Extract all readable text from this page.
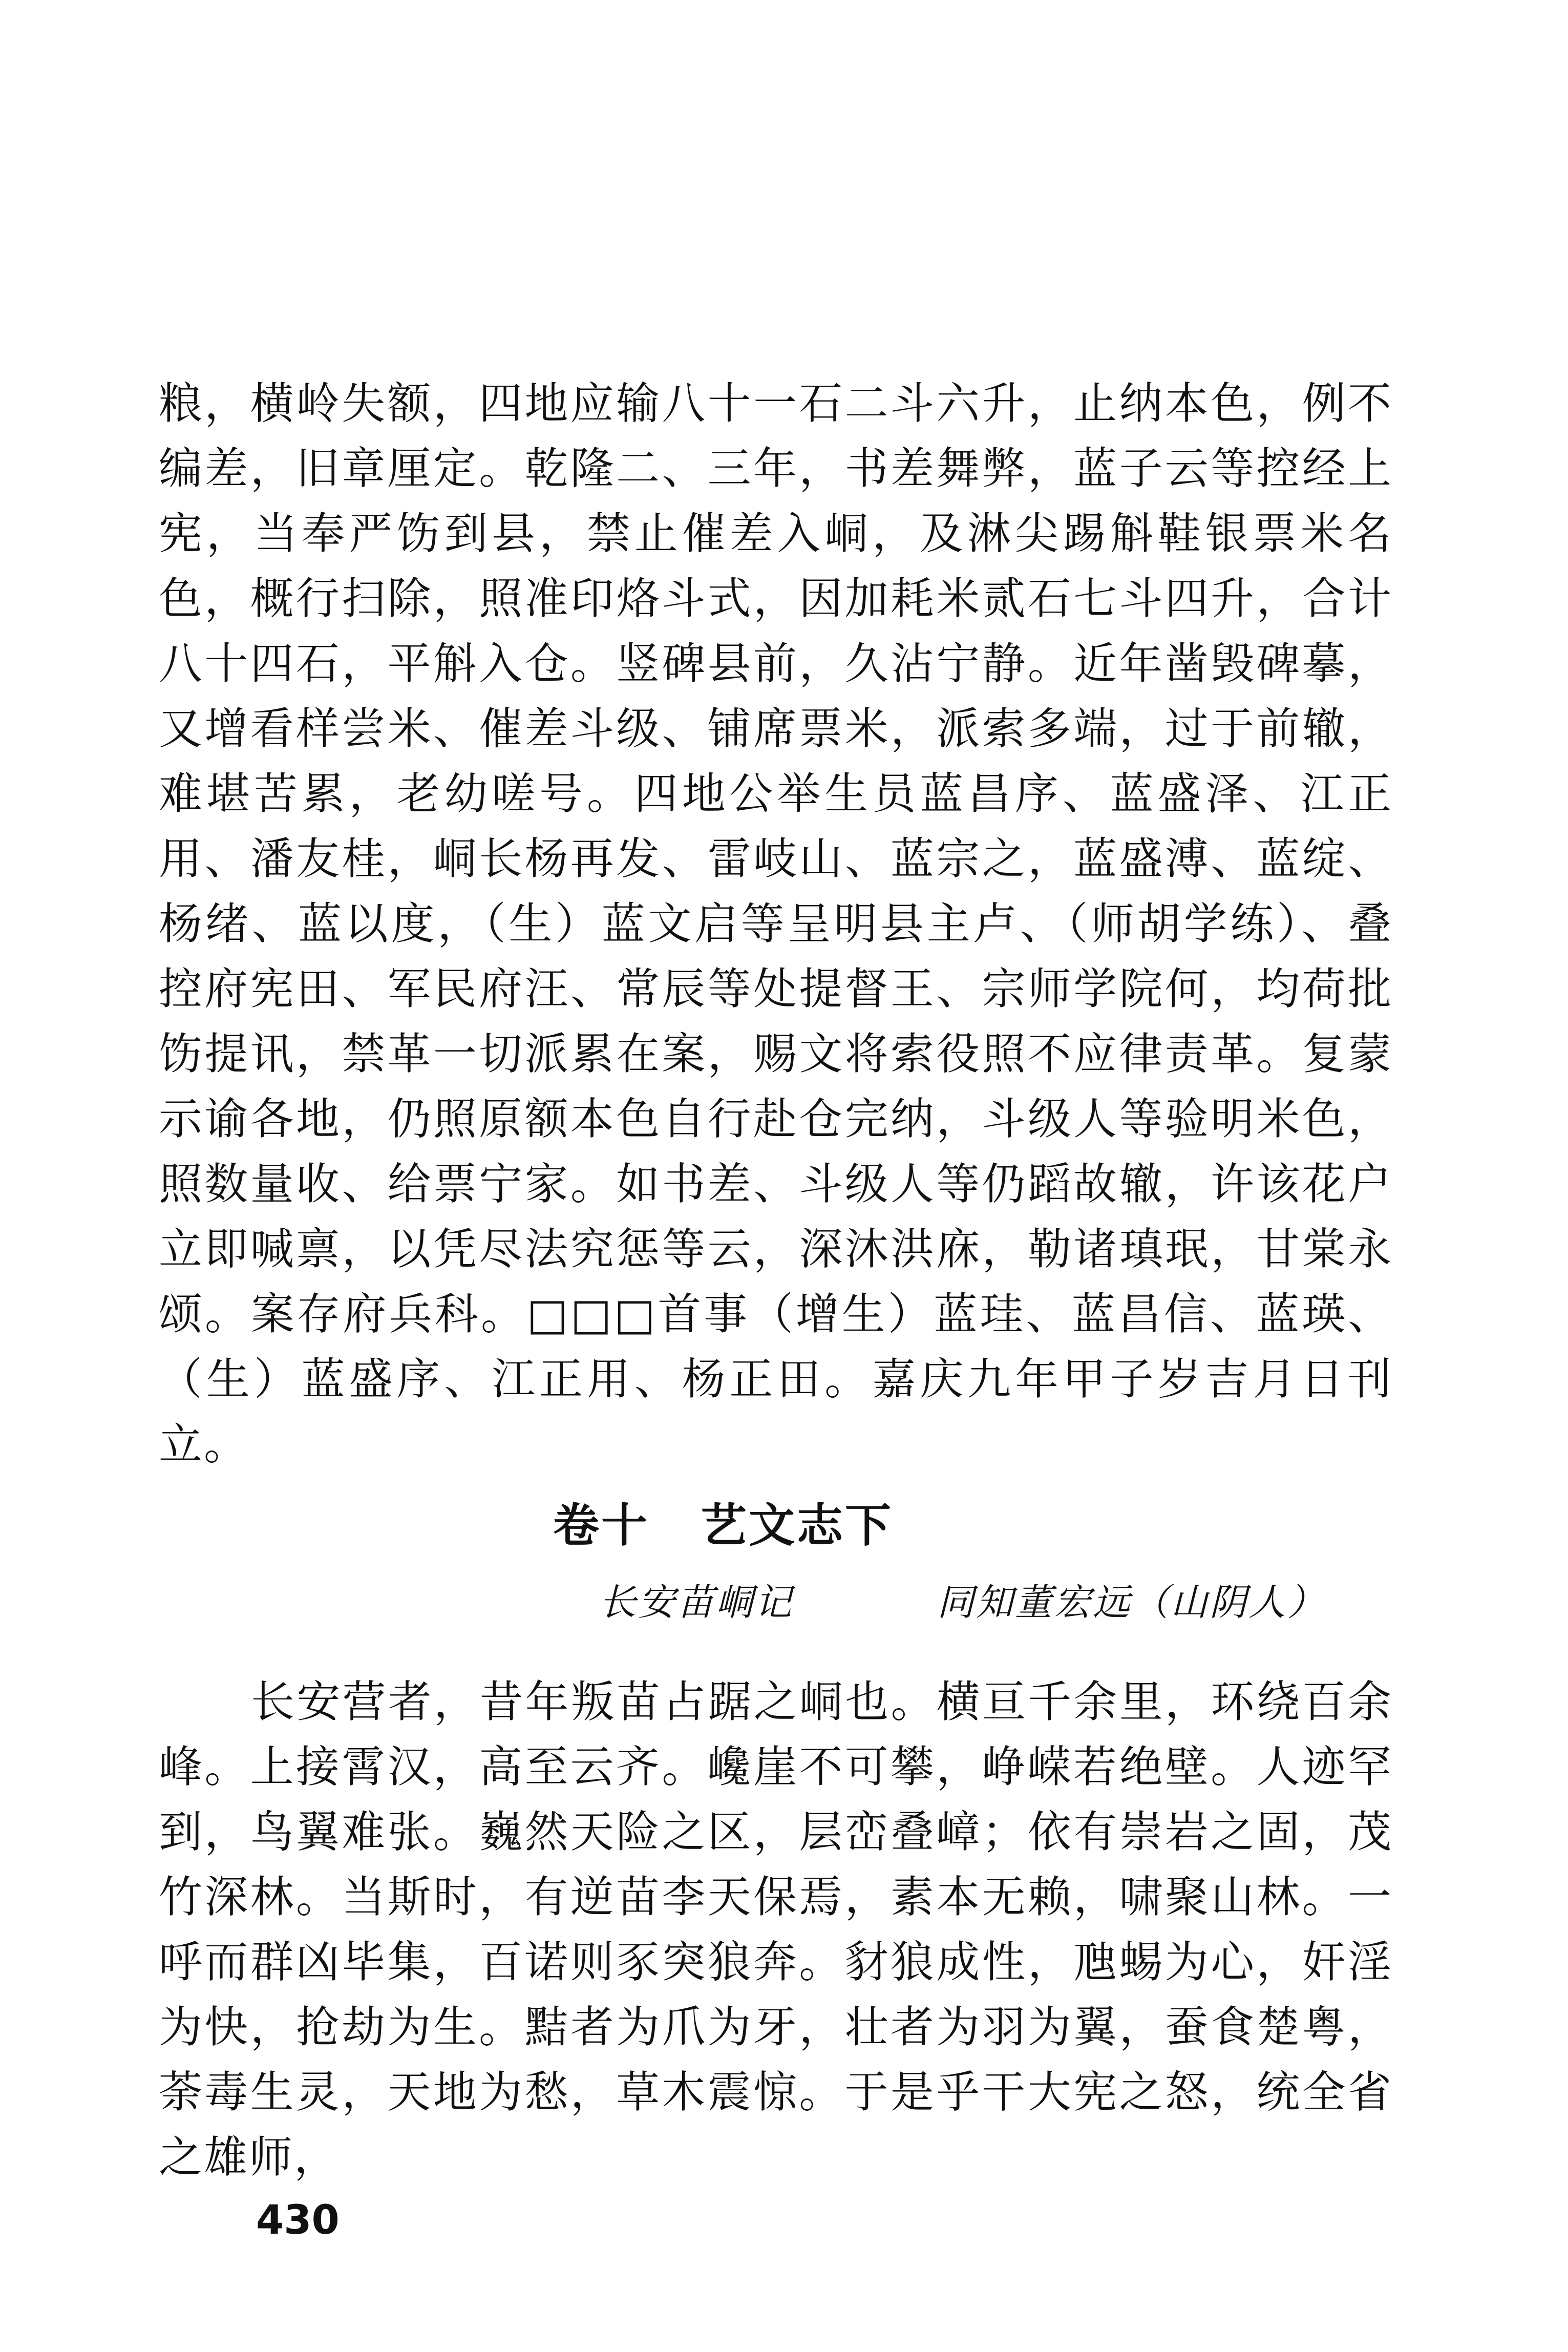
粮，横岭失额，四地应输八十一石二斗六升，止纳本色，例不编差，旧章厘定。乾隆二、三年，书差舞弊，蓝子云等控经上宪，当奉严饬到县，禁止催差入峒，及淋尖踢斛鞋银票米名色，概行扫除，照准印烙斗式，因加耗米贰石七斗四升，合计八十四石，平斛入仓。竖碑县前，久沾宁静。近年凿毁碑摹，又增看样尝米、催差斗级、铺席票米，派索多端，过于前辙，难堪苦累，老幼嗟号。四地公举生员蓝昌序、蓝盛泽、江正用、潘友桂，峒长杨再发、雷岐山、蓝宗之，蓝盛溥、蓝绽、杨绪、蓝以度，（生）蓝文启等呈明县主卢、（师胡学练）、叠控府宪田、军民府汪、常辰等处提督王、宗师学院何，均荷批饬提讯，禁革一切派累在案，赐文将索役照不应律责革。复蒙示谕各地，仍照原额本色自行赴仓完纳，斗级人等验明米色，照数量收、给票宁家。如书差、斗级人等仍蹈故辙，许该花户立即喊禀，以凭尽法究惩等云，深沐洪庥，勒诸瑱珉，甘棠永颂。案存府兵科。□□□首事（增生）蓝珪、蓝昌信、蓝瑛、（生）蓝盛序、江正用、杨正田。嘉庆九年甲子岁吉月日刊立。

卷十 艺文志下
长安苗峒记	同知董宏远（山阴人）

长安营者，昔年叛苗占踞之峒也。横亘千余里，环绕百余峰。上接霄汉，高至云齐。巉崖不可攀，峥嵘若绝壁。人迹罕到，鸟翼难张。巍然天险之区，层峦叠嶂；依有崇岩之固，茂竹深林。当斯时，有逆苗李天保焉，素本无赖，啸聚山林。一呼而群凶毕集，百诺则豕突狼奔。豺狼成性，虺蜴为心，奸淫为快，抢劫为生。黠者为爪为牙，壮者为羽为翼，蚕食楚粤，荼毒生灵，天地为愁，草木震惊。于是乎干大宪之怒，统全省之雄师，

430
